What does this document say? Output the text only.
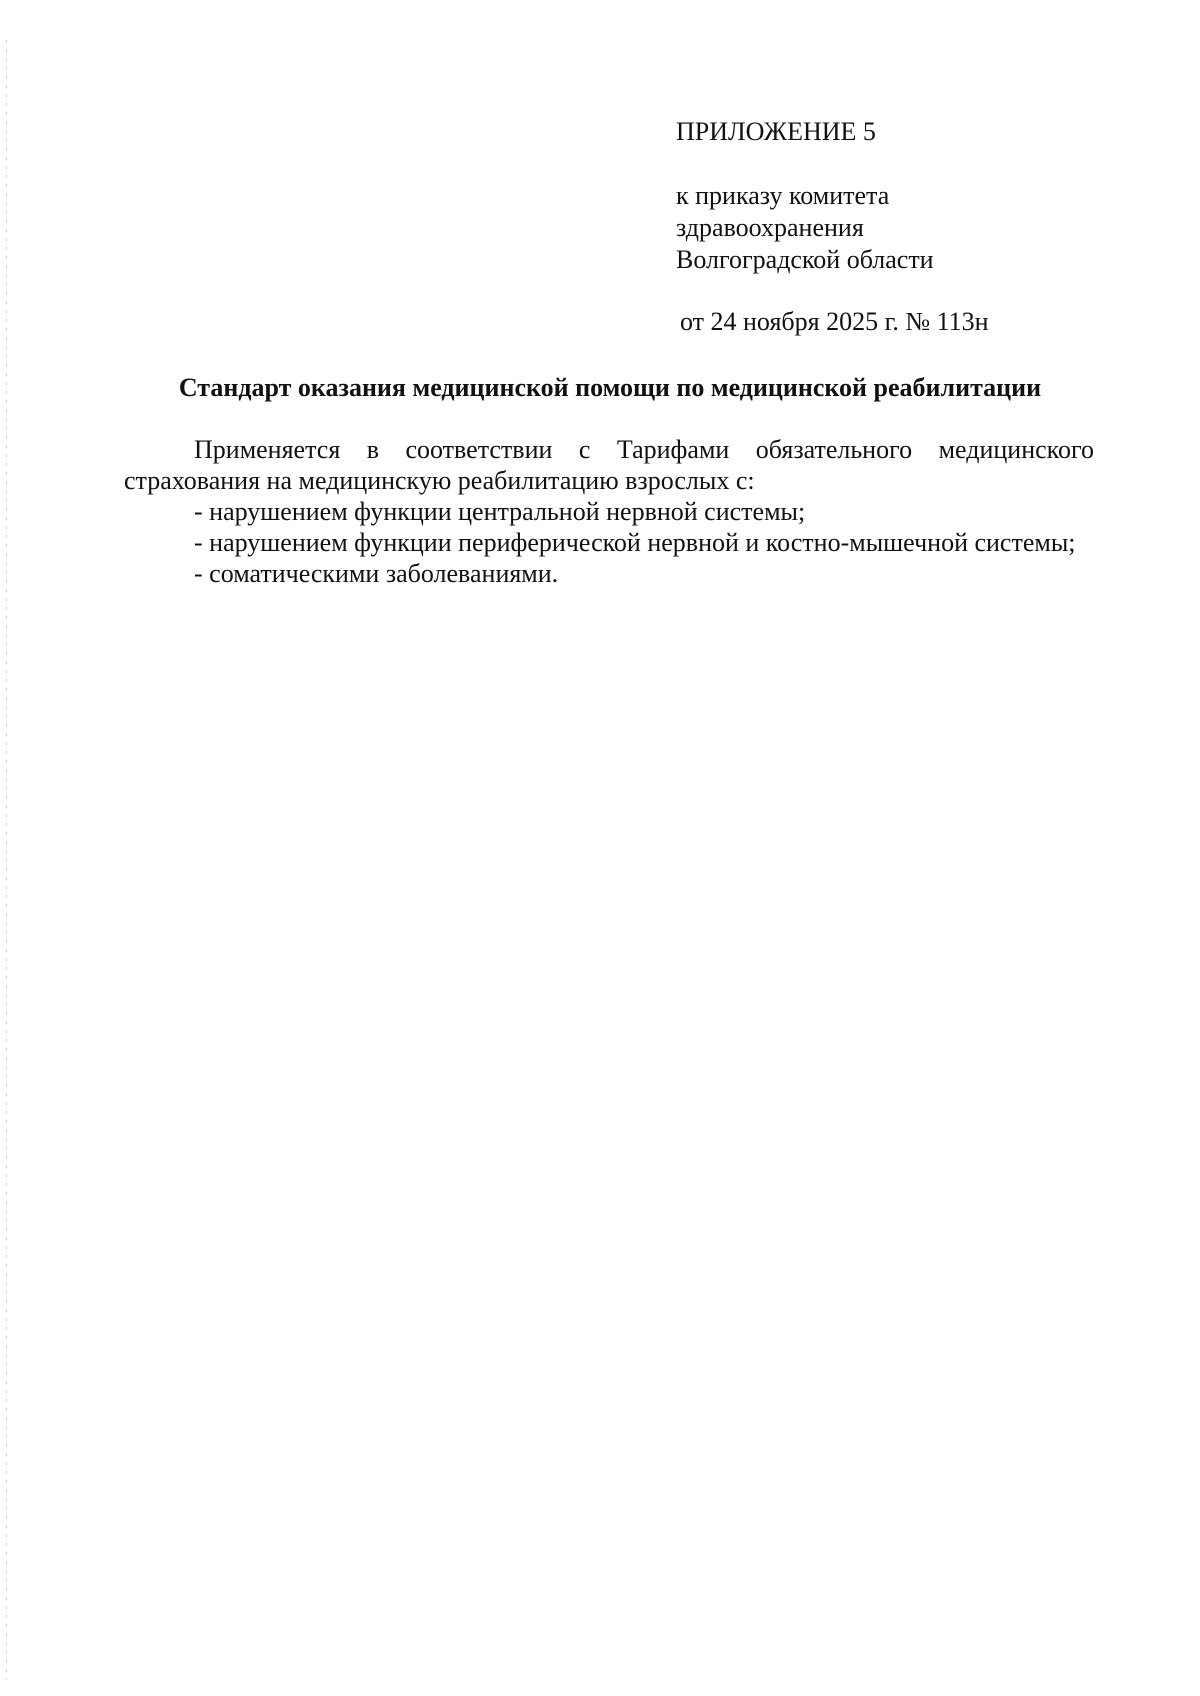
ПРИЛОЖЕНИЕ 5
к приказу комитета
здравоохранения
Волгоградской области
от 24 ноября 2025 г. № 113н
Стандарт оказания медицинской помощи по медицинской реабилитации

Применяется в соответствии с Тарифами обязательного медицинского страхования на медицинскую реабилитацию взрослых с:

- нарушением функции центральной нервной системы;

- нарушением функции периферической нервной и костно-мышечной системы;

- соматическими заболеваниями.
